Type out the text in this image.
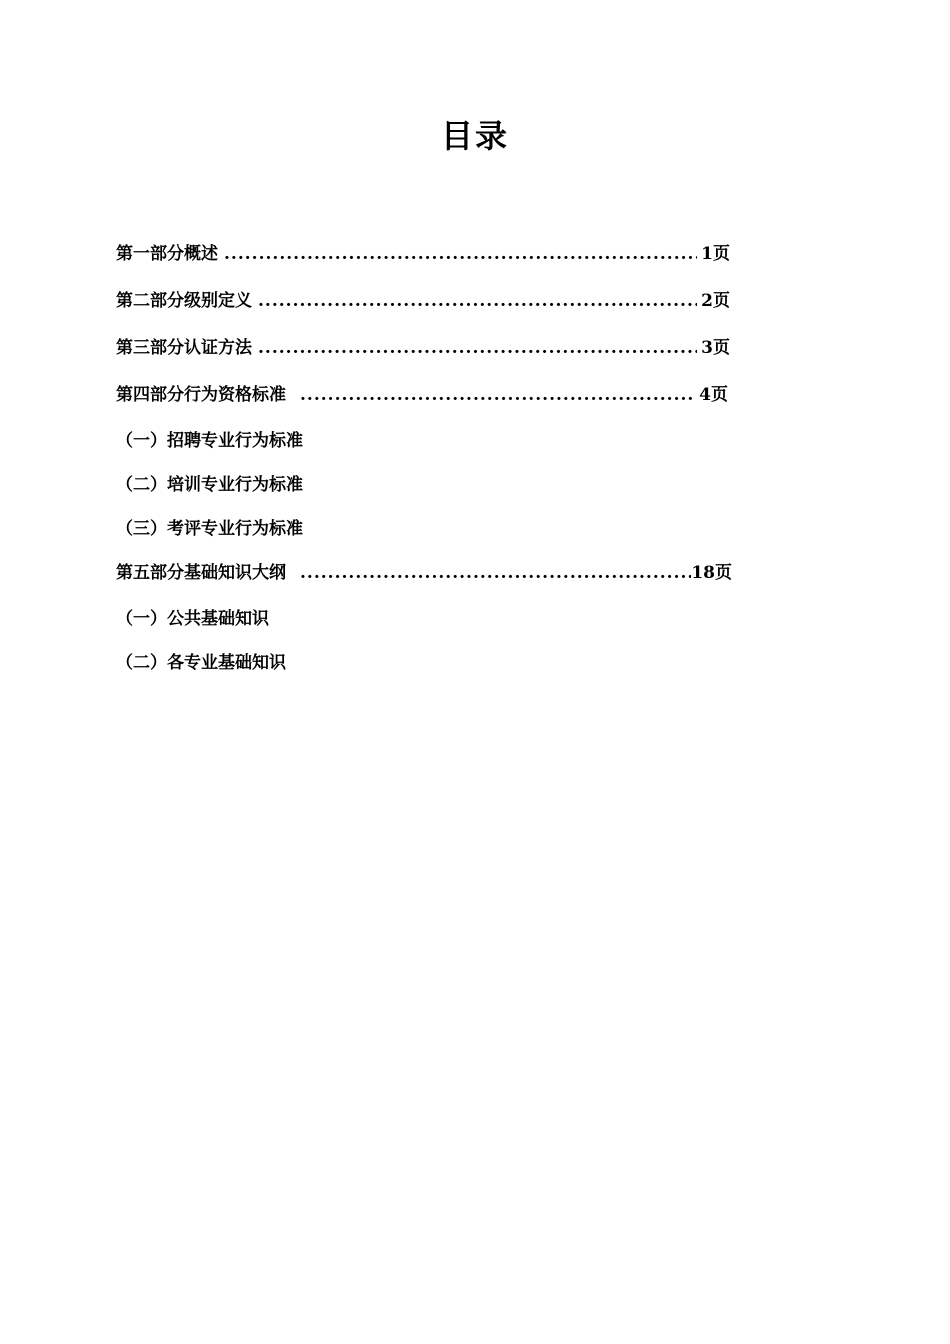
目录
第一部分概述 .....	1页
第二部分级别定义 .....	2页
第三部分认证方法 .....	3页
第四部分行为资格标准 .....	4页
（一）招聘专业行为标准
（二）培训专业行为标准
（三）考评专业行为标准
第五部分基础知识大纲 .....	18页
（一）公共基础知识
（二）各专业基础知识
